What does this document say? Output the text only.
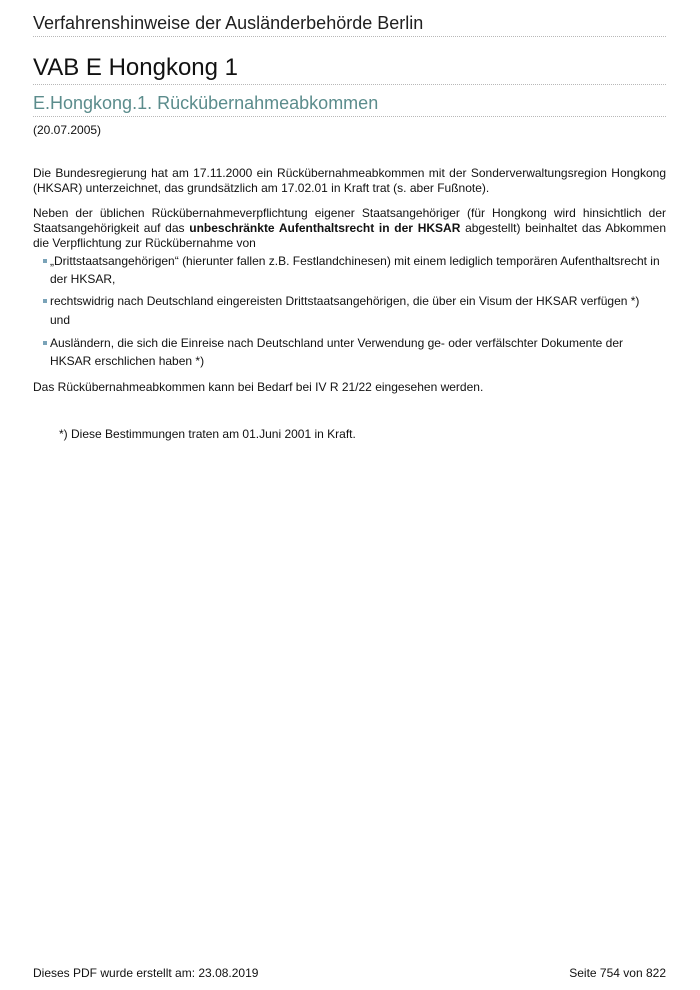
Verfahrenshinweise der Ausländerbehörde Berlin
VAB E Hongkong 1
E.Hongkong.1. Rückübernahmeabkommen
(20.07.2005)
Die Bundesregierung hat am 17.11.2000 ein Rückübernahmeabkommen mit der Sonderverwaltungsregion Hongkong (HKSAR) unterzeichnet, das grundsätzlich am 17.02.01 in Kraft trat (s. aber Fußnote).
Neben der üblichen Rückübernahmeverpflichtung eigener Staatsangehöriger (für Hongkong wird hinsichtlich der Staatsangehörigkeit auf das unbeschränkte Aufenthaltsrecht in der HKSAR abgestellt) beinhaltet das Abkommen die Verpflichtung zur Rückübernahme von
„Drittstaatsangehörigen“ (hierunter fallen z.B. Festlandchinesen) mit einem lediglich temporären Aufenthaltsrecht in der HKSAR,
rechtswidrig nach Deutschland eingereisten Drittstaatsangehörigen, die über ein Visum der HKSAR verfügen *)
und
Ausländern, die sich die Einreise nach Deutschland unter Verwendung ge- oder verfälschter Dokumente der HKSAR erschlichen haben *)
Das Rückübernahmeabkommen kann bei Bedarf bei IV R 21/22 eingesehen werden.
*) Diese Bestimmungen traten am 01.Juni 2001 in Kraft.
Dieses PDF wurde erstellt am: 23.08.2019	Seite 754 von 822
